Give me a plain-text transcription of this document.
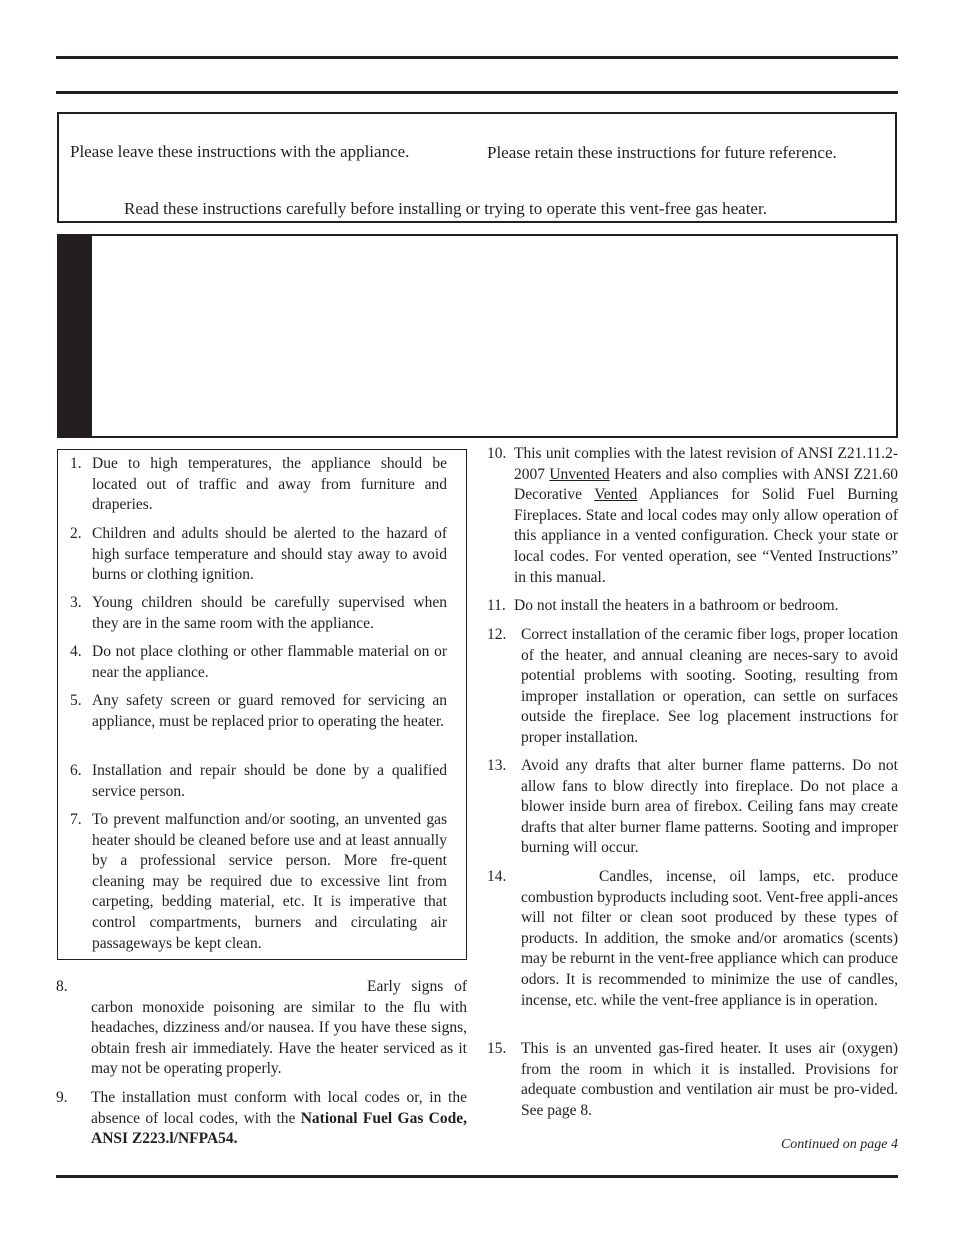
Please leave these instructions with the appliance.	Please retain these instructions for future reference.
Read these instructions carefully before installing or trying to operate this vent-free gas heater.
1. Due to high temperatures, the appliance should be located out of traffic and away from furniture and draperies.
2. Children and adults should be alerted to the hazard of high surface temperature and should stay away to avoid burns or clothing ignition.
3. Young children should be carefully supervised when they are in the same room with the appliance.
4. Do not place clothing or other flammable material on or near the appliance.
5. Any safety screen or guard removed for servicing an appliance, must be replaced prior to operating the heater.
6. Installation and repair should be done by a qualified service person.
7. To prevent malfunction and/or sooting, an unvented gas heater should be cleaned before use and at least annually by a professional service person. More fre-quent cleaning may be required due to excessive lint from carpeting, bedding material, etc. It is imperative that control compartments, burners and circulating air passageways be kept clean.
8.	Early signs of carbon monoxide poisoning are similar to the flu with headaches, dizziness and/or nausea. If you have these signs, obtain fresh air immediately. Have the heater serviced as it may not be operating properly.
9. The installation must conform with local codes or, in the absence of local codes, with the National Fuel Gas Code, ANSI Z223.l/NFPA54.
10. This unit complies with the latest revision of ANSI Z21.11.2-2007 Unvented Heaters and also complies with ANSI Z21.60 Decorative Vented Appliances for Solid Fuel Burning Fireplaces. State and local codes may only allow operation of this appliance in a vented configuration. Check your state or local codes. For vented operation, see “Vented Instructions” in this manual.
11. Do not install the heaters in a bathroom or bedroom.
12. Correct installation of the ceramic fiber logs, proper location of the heater, and annual cleaning are neces-sary to avoid potential problems with sooting. Sooting, resulting from improper installation or operation, can settle on surfaces outside the fireplace. See log placement instructions for proper installation.
13. Avoid any drafts that alter burner flame patterns. Do not allow fans to blow directly into fireplace. Do not place a blower inside burn area of firebox. Ceiling fans may create drafts that alter burner flame patterns. Sooting and improper burning will occur.
14.	Candles, incense, oil lamps, etc. produce combustion byproducts including soot. Vent-free appli-ances will not filter or clean soot produced by these types of products. In addition, the smoke and/or aromatics (scents) may be reburnt in the vent-free appliance which can produce odors. It is recommended to minimize the use of candles, incense, etc. while the vent-free appliance is in operation.
15. This is an unvented gas-fired heater. It uses air (oxygen) from the room in which it is installed. Provisions for adequate combustion and ventilation air must be pro-vided. See page 8.
Continued on page 4
